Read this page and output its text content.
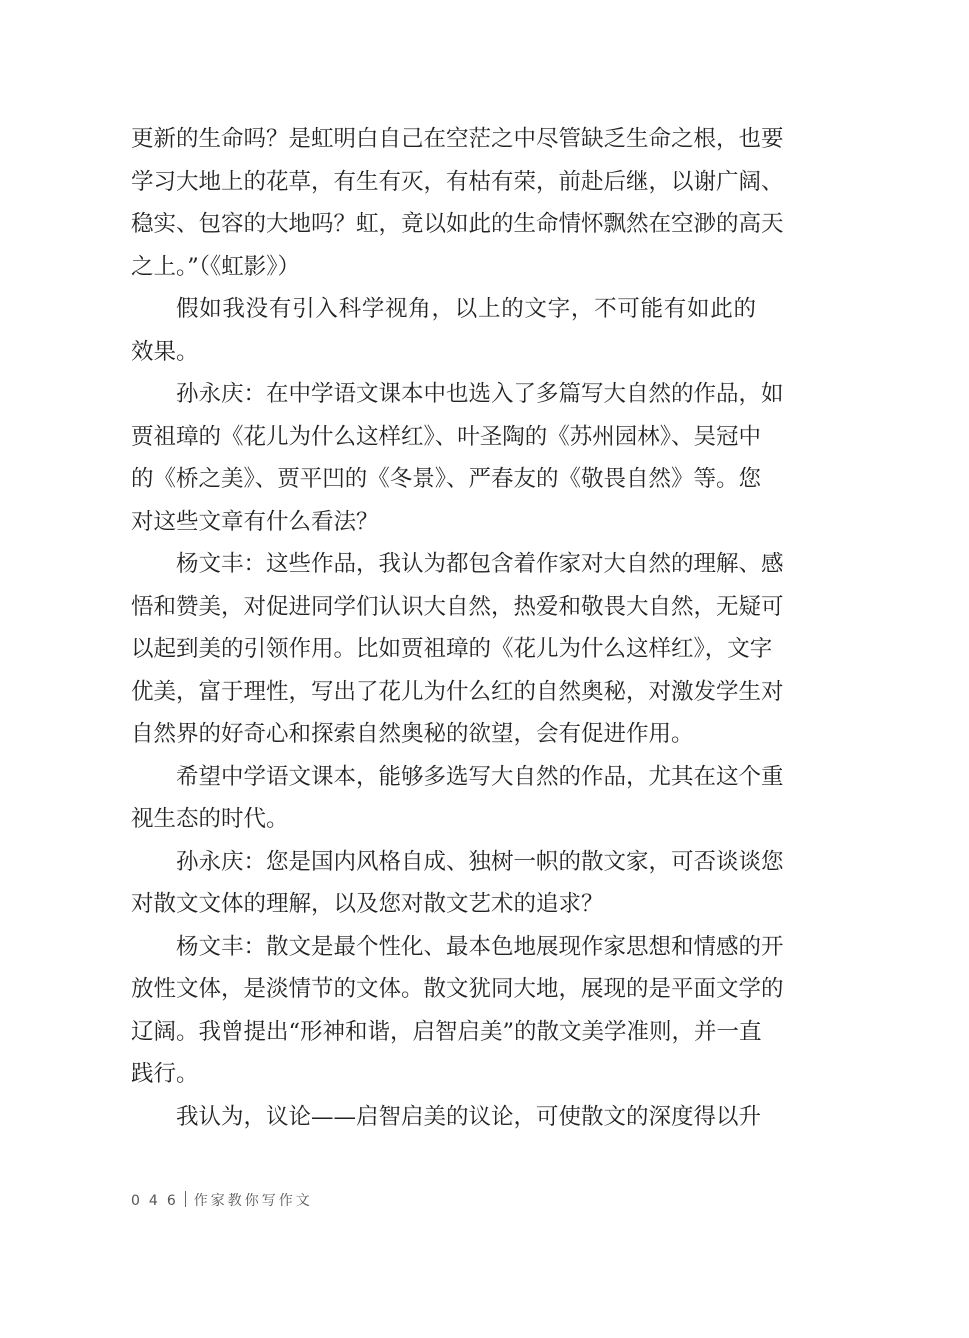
更新的生命吗？是虹明白自己在空茫之中尽管缺乏生命之根，也要
学习大地上的花草，有生有灭，有枯有荣，前赴后继，以谢广阔、
稳实、包容的大地吗？虹，竟以如此的生命情怀飘然在空渺的高天
之上。”（《虹影》）
假如我没有引入科学视角，以上的文字，不可能有如此的
效果。
孙永庆：在中学语文课本中也选入了多篇写大自然的作品，如
贾祖璋的《花儿为什么这样红》、叶圣陶的《苏州园林》、吴冠中
的《桥之美》、贾平凹的《冬景》、严春友的《敬畏自然》等。您
对这些文章有什么看法？
杨文丰：这些作品，我认为都包含着作家对大自然的理解、感
悟和赞美，对促进同学们认识大自然，热爱和敬畏大自然，无疑可
以起到美的引领作用。比如贾祖璋的《花儿为什么这样红》，文字
优美，富于理性，写出了花儿为什么红的自然奥秘，对激发学生对
自然界的好奇心和探索自然奥秘的欲望，会有促进作用。
希望中学语文课本，能够多选写大自然的作品，尤其在这个重
视生态的时代。
孙永庆：您是国内风格自成、独树一帜的散文家，可否谈谈您
对散文文体的理解，以及您对散文艺术的追求？
杨文丰：散文是最个性化、最本色地展现作家思想和情感的开
放性文体，是淡情节的文体。散文犹同大地，展现的是平面文学的
辽阔。我曾提出“形神和谐，启智启美”的散文美学准则，并一直
践行。
我认为，议论——启智启美的议论，可使散文的深度得以升
046 作家教你写作文
